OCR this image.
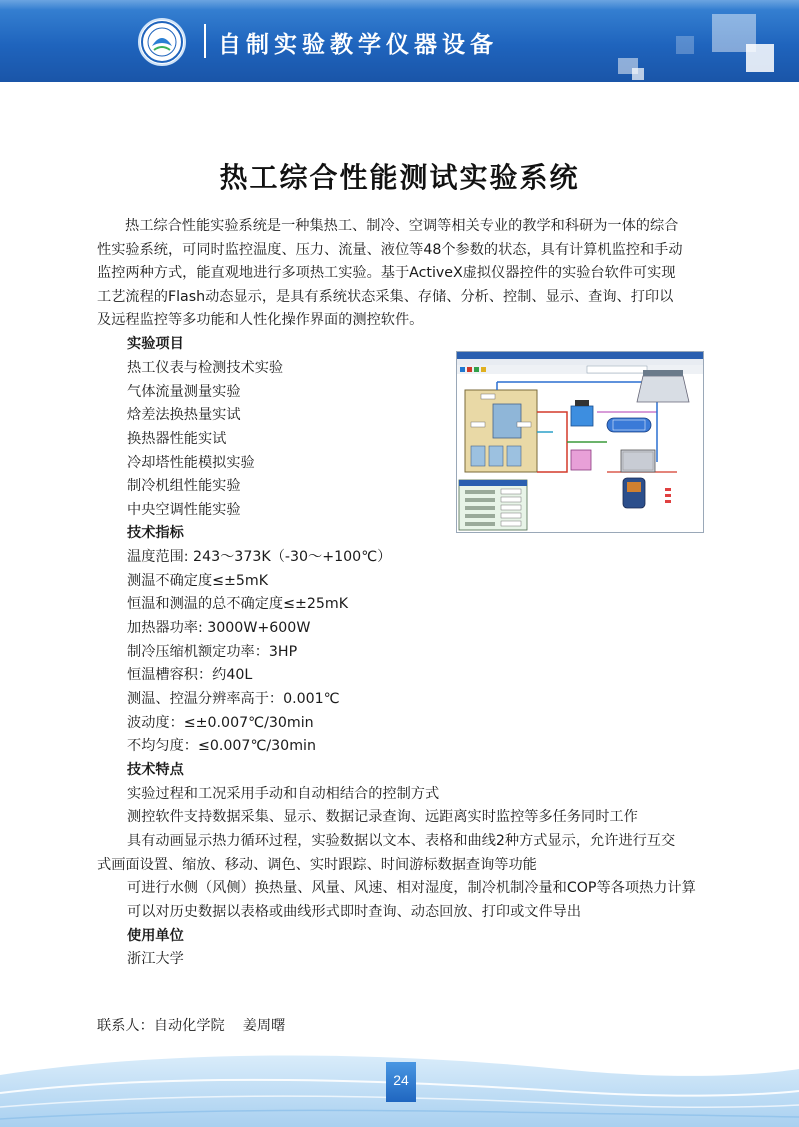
自制实验教学仪器设备
热工综合性能测试实验系统

热工综合性能实验系统是一种集热工、制冷、空调等相关专业的教学和科研为一体的综合

性实验系统，可同时监控温度、压力、流量、液位等48个参数的状态，具有计算机监控和手动

监控两种方式，能直观地进行多项热工实验。基于ActiveX虚拟仪器控件的实验台软件可实现

工艺流程的Flash动态显示，是具有系统状态采集、存储、分析、控制、显示、查询、打印以

及远程监控等多功能和人性化操作界面的测控软件。

实验项目
热工仪表与检测技术实验
气体流量测量实验
焓差法换热量实试
换热器性能实试
冷却塔性能模拟实验
制冷机组性能实验
中央空调性能实验
技术指标
温度范围: 243～373K（-30～+100℃）
测温不确定度≤±5mK
恒温和测温的总不确定度≤±25mK
加热器功率: 3000W+600W
制冷压缩机额定功率：3HP
恒温槽容积：约40L
测温、控温分辨率高于：0.001℃
波动度：≤±0.007℃/30min
不均匀度：≤0.007℃/30min
技术特点
实验过程和工况采用手动和自动相结合的控制方式
测控软件支持数据采集、显示、数据记录查询、远距离实时监控等多任务同时工作
具有动画显示热力循环过程，实验数据以文本、表格和曲线2种方式显示，允许进行互交
式画面设置、缩放、移动、调色、实时跟踪、时间游标数据查询等功能
可进行水侧（风侧）换热量、风量、风速、相对湿度，制冷机制冷量和COP等各项热力计算
可以对历史数据以表格或曲线形式即时查询、动态回放、打印或文件导出
使用单位
浙江大学
联系人：自动化学院    姜周曙
24
